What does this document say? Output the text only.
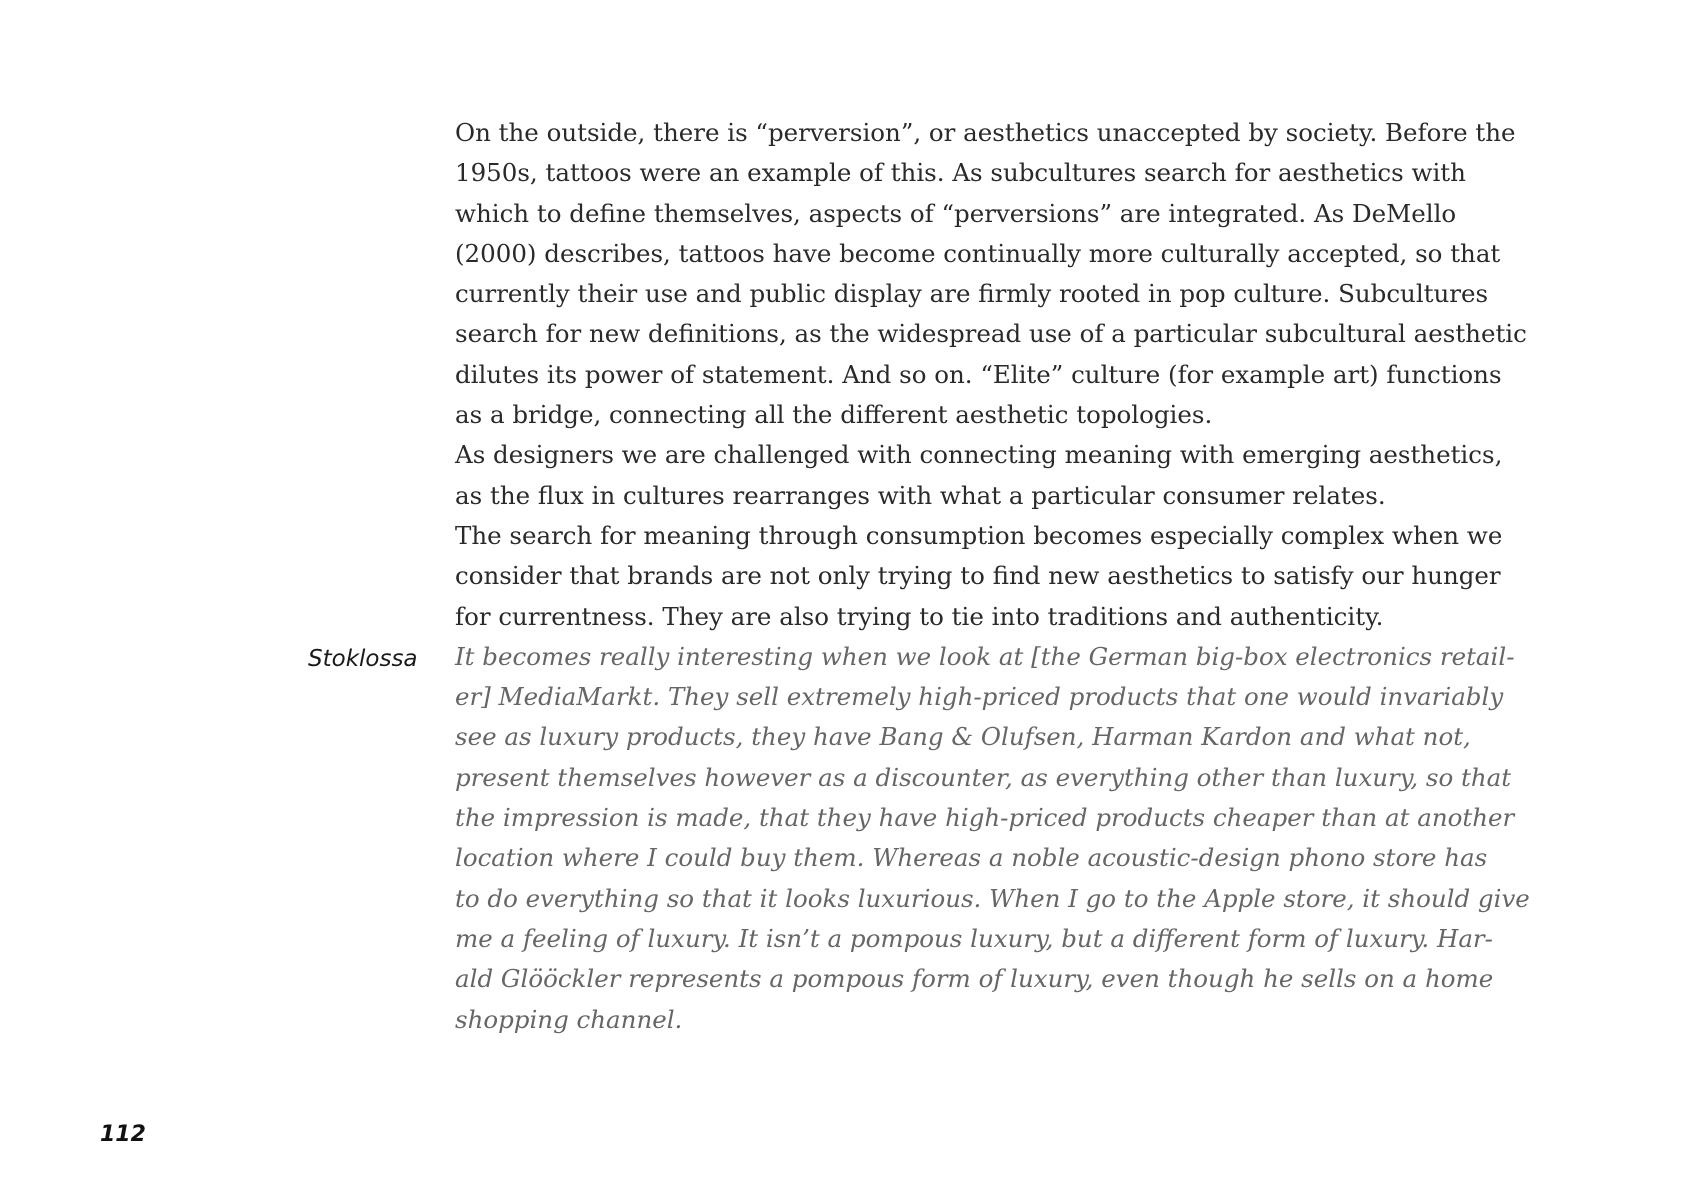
On the outside, there is “perversion”, or aesthetics unaccepted by society. Before the
1950s, tattoos were an example of this. As subcultures search for aesthetics with
which to define themselves, aspects of “perversions” are integrated. As DeMello
(2000) describes, tattoos have become continually more culturally accepted, so that
currently their use and public display are firmly rooted in pop culture. Subcultures
search for new definitions, as the widespread use of a particular subcultural aesthetic
dilutes its power of statement. And so on. “Elite” culture (for example art) functions
as a bridge, connecting all the different aesthetic topologies.
As designers we are challenged with connecting meaning with emerging aesthetics,
as the flux in cultures rearranges with what a particular consumer relates.
The search for meaning through consumption becomes especially complex when we
consider that brands are not only trying to find new aesthetics to satisfy our hunger
for currentness. They are also trying to tie into traditions and authenticity.
It becomes really interesting when we look at [the German big-box electronics retail-
er] MediaMarkt. They sell extremely high-priced products that one would invariably
see as luxury products, they have Bang & Olufsen, Harman Kardon and what not,
present themselves however as a discounter, as everything other than luxury, so that
the impression is made, that they have high-priced products cheaper than at another
location where I could buy them. Whereas a noble acoustic-design phono store has
to do everything so that it looks luxurious. When I go to the Apple store, it should give
me a feeling of luxury. It isn’t a pompous luxury, but a different form of luxury. Har-
ald Glööckler represents a pompous form of luxury, even though he sells on a home
shopping channel.
Stoklossa
112
